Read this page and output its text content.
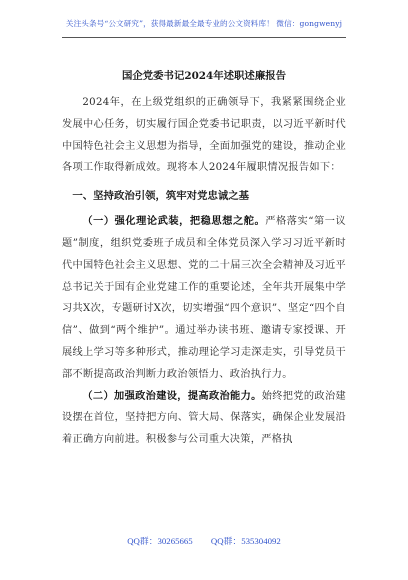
关注头条号“公文研究”，获得最新最全最专业的公文资料库！ 微信：gongwenyj
国企党委书记2024年述职述廉报告

2024年，在上级党组织的正确领导下，我紧紧围绕企业发展中心任务，切实履行国企党委书记职责，以习近平新时代中国特色社会主义思想为指导，全面加强党的建设，推动企业各项工作取得新成效。现将本人2024年履职情况报告如下：

一、坚持政治引领，筑牢对党忠诚之基

（一）强化理论武装，把稳思想之舵。严格落实“第一议题”制度，组织党委班子成员和全体党员深入学习习近平新时代中国特色社会主义思想、党的二十届三次全会精神及习近平总书记关于国有企业党建工作的重要论述，全年共开展集中学习共X次，专题研讨X次，切实增强“四个意识”、坚定“四个自信”、做到“两个维护”。通过举办读书班、邀请专家授课、开展线上学习等多种形式，推动理论学习走深走实，引导党员干部不断提高政治判断力政治领悟力、政治执行力。

（二）加强政治建设，提高政治能力。始终把党的政治建设摆在首位，坚持把方向、管大局、保落实，确保企业发展沿着正确方向前进。积极参与公司重大决策，严格执

QQ群：30265665 QQ群：535304092
